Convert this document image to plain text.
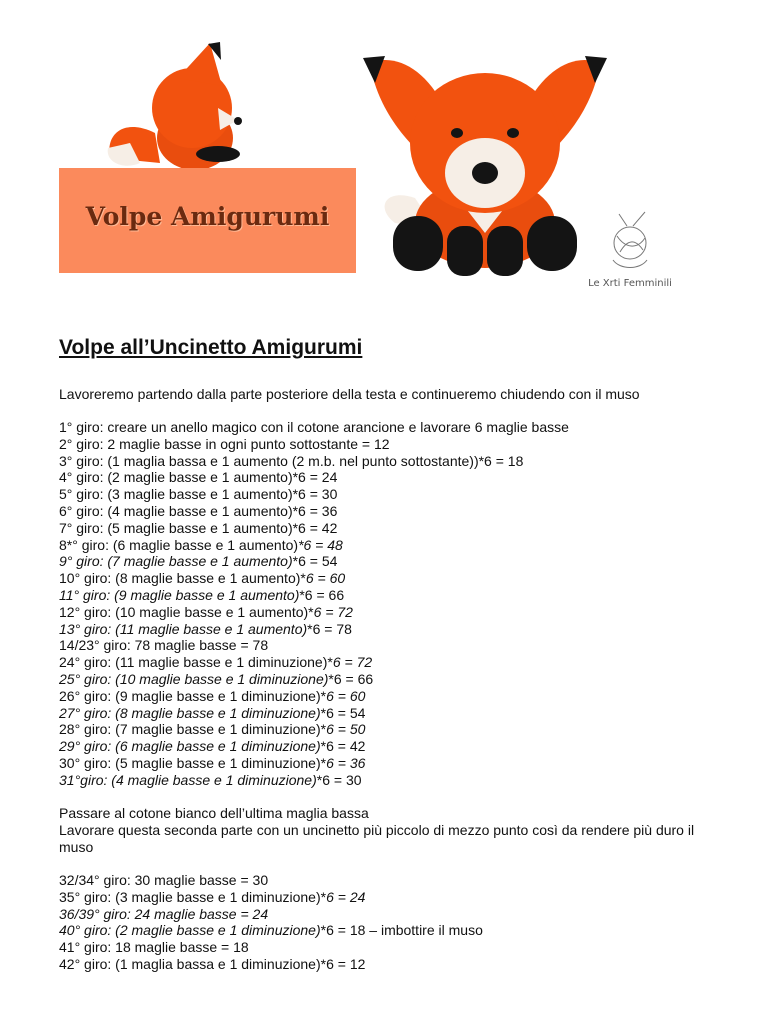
Volpe Amigurumi
Le Xrti Femminili
Volpe all’Uncinetto Amigurumi

Lavoreremo partendo dalla parte posteriore della testa e continueremo chiudendo con il muso

1° giro: creare un anello magico con il cotone arancione e lavorare 6 maglie basse
2° giro: 2 maglie basse in ogni punto sottostante = 12
3° giro: (1 maglia bassa e 1 aumento (2 m.b. nel punto sottostante))*6 = 18
4° giro: (2 maglie basse e 1 aumento)*6 = 24
5° giro: (3 maglie basse e 1 aumento)*6 = 30
6° giro: (4 maglie basse e 1 aumento)*6 = 36
7° giro: (5 maglie basse e 1 aumento)*6 = 42
8*° giro: (6 maglie basse e 1 aumento)*6 = 48
9° giro: (7 maglie basse e 1 aumento)*6 = 54
10° giro: (8 maglie basse e 1 aumento)*6 = 60
11° giro: (9 maglie basse e 1 aumento)*6 = 66
12° giro: (10 maglie basse e 1 aumento)*6 = 72
13° giro: (11 maglie basse e 1 aumento)*6 = 78
14/23° giro: 78 maglie basse = 78
24° giro: (11 maglie basse e 1 diminuzione)*6 = 72
25° giro: (10 maglie basse e 1 diminuzione)*6 = 66
26° giro: (9 maglie basse e 1 diminuzione)*6 = 60
27° giro: (8 maglie basse e 1 diminuzione)*6 = 54
28° giro: (7 maglie basse e 1 diminuzione)*6 = 50
29° giro: (6 maglie basse e 1 diminuzione)*6 = 42
30° giro: (5 maglie basse e 1 diminuzione)*6 = 36
31°giro: (4 maglie basse e 1 diminuzione)*6 = 30
Passare al cotone bianco dell’ultima maglia bassa
Lavorare questa seconda parte con un uncinetto più piccolo di mezzo punto così da rendere più duro il muso
32/34° giro: 30 maglie basse = 30
35° giro: (3 maglie basse e 1 diminuzione)*6 = 24
36/39° giro: 24 maglie basse = 24
40° giro: (2 maglie basse e 1 diminuzione)*6 = 18 – imbottire il muso
41° giro: 18 maglie basse = 18
42° giro: (1 maglia bassa e 1 diminuzione)*6 = 12
